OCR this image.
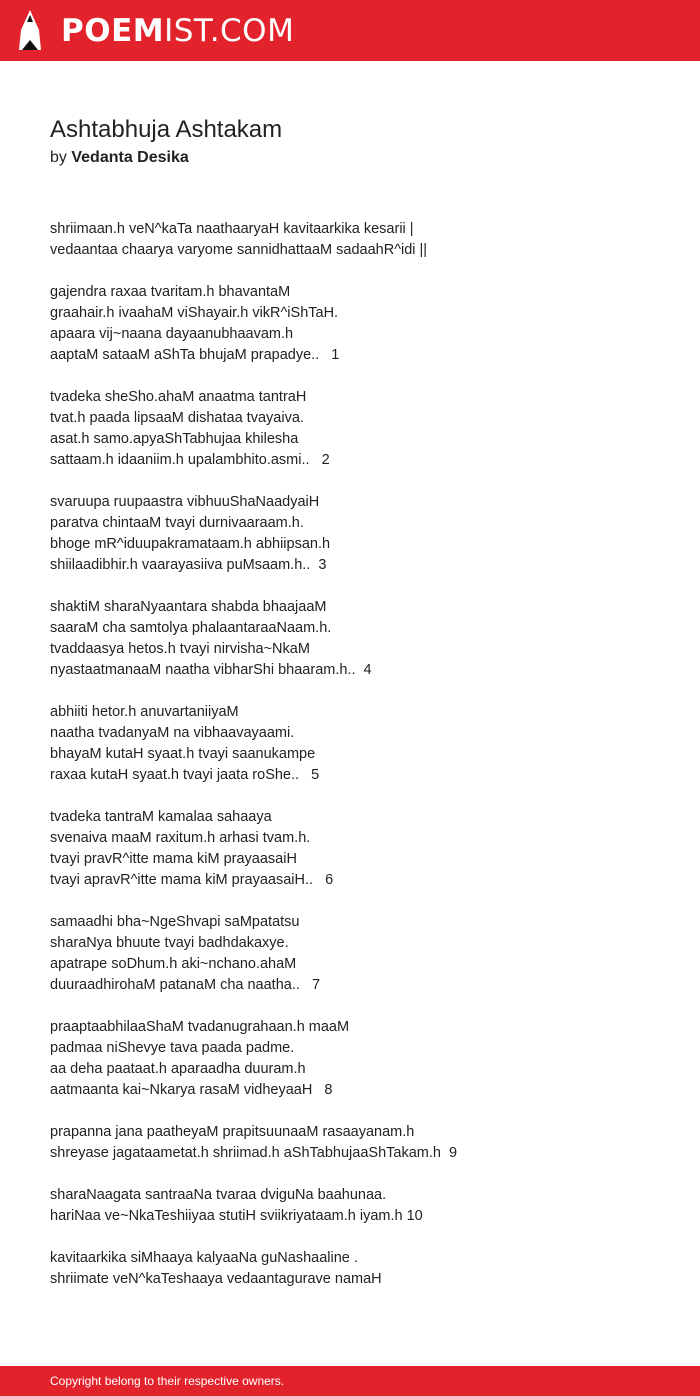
POEMIST.COM
Ashtabhuja Ashtakam
by Vedanta Desika
shriimaan.h veN^kaTa naathaaryaH kavitaarkika kesarii |
vedaantaa chaarya varyome sannidhattaaM sadaahR^idi ||
gajendra raxaa tvaritam.h bhavantaM
graahair.h ivaahaM viShayair.h vikR^iShTaH.
apaara vij~naana dayaanubhaavam.h
aaptaM sataaM aShTa bhujaM prapadye..   1
tvadeka sheSho.ahaM anaatma tantraH
tvat.h paada lipsaaM dishataa tvayaiva.
asat.h samo.apyaShTabhujaa khilesha
sattaam.h idaaniim.h upalambhito.asmi..   2
svaruupa ruupaastra vibhuuShaNaadyaiH
paratva chintaaM tvayi durnivaaraam.h.
bhoge mR^iduupakramataam.h abhiipsan.h
shiilaadibhir.h vaarayasiiva puMsaam.h..  3
shaktiM sharaNyaantara shabda bhaajaaM
saaraM cha samtolya phalaantaraaNaam.h.
tvaddaasya hetos.h tvayi nirvisha~NkaM
nyastaatmanaaM naatha vibharShi bhaaram.h..  4
abhiiti hetor.h anuvartaniiyaM
naatha tvadanyaM na vibhaavayaami.
bhayaM kutaH syaat.h tvayi saanukampe
raxaa kutaH syaat.h tvayi jaata roShe..   5
tvadeka tantraM kamalaa sahaaya
svenaiva maaM raxitum.h arhasi tvam.h.
tvayi pravR^itte mama kiM prayaasaiH
tvayi apravR^itte mama kiM prayaasaiH..   6
samaadhi bha~NgeShvapi saMpatatsu
sharaNya bhuute tvayi badhdakaxye.
apatrape soDhum.h aki~nchano.ahaM
duuraadhirohaM patanaM cha naatha..   7
praaptaabhilaaShaM tvadanugrahaan.h maaM
padmaa niShevye tava paada padme.
aa deha paataat.h aparaadha duuram.h
aatmaanta kai~Nkarya rasaM vidheyaaH   8
prapanna jana paatheyaM prapitsuunaaM rasaayanam.h
shreyase jagataametat.h shriimad.h aShTabhujaaShTakam.h  9
sharaNaagata santraaNa tvaraa dviguNa baahunaa.
hariNaa ve~NkaTeshiiyaa stutiH sviikriyataam.h iyam.h 10
kavitaarkika siMhaaya kalyaaNa guNashaaline .
shriimate veN^kaTeshaaya vedaantagurave namaH
Copyright belong to their respective owners.
